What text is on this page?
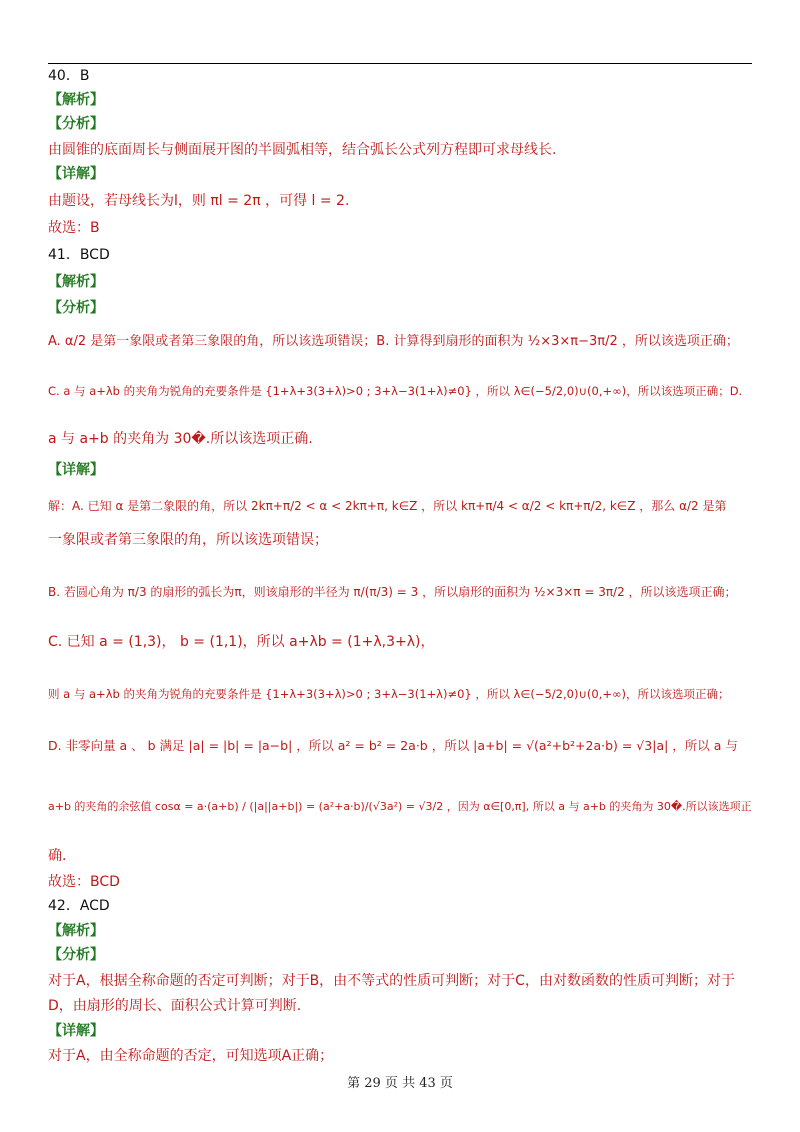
40．B
【解析】
【分析】
由圆锥的底面周长与侧面展开图的半圆弧相等，结合弧长公式列方程即可求母线长.
【详解】
由题设，若母线长为l，则 πl = 2π ，可得 l = 2.
故选：B
41．BCD
【解析】
【分析】
A. α/2 是第一象限或者第三象限的角，所以该选项错误；B. 计算得到扇形的面积为 ½×3×π−3π/2 ，所以该选项正确；
C. a 与 a+λb 的夹角为锐角的充要条件是 {1+λ+3(3+λ)>0 ; 3+λ−3(1+λ)≠0} ，所以 λ∈(−5/2,0)∪(0,+∞)，所以该选项正确；D.
a 与 a+b 的夹角为 30�.所以该选项正确.
【详解】
解：A. 已知 α 是第二象限的角，所以 2kπ+π/2 < α < 2kπ+π, k∈Z ，所以 kπ+π/4 < α/2 < kπ+π/2, k∈Z ，那么 α/2 是第
一象限或者第三象限的角，所以该选项错误；
B. 若圆心角为 π/3 的扇形的弧长为π，则该扇形的半径为 π/(π/3) = 3 ，所以扇形的面积为 ½×3×π = 3π/2 ，所以该选项正确；
C. 已知 a = (1,3)， b = (1,1)，所以 a+λb = (1+λ,3+λ)，
则 a 与 a+λb 的夹角为锐角的充要条件是 {1+λ+3(3+λ)>0 ; 3+λ−3(1+λ)≠0} ，所以 λ∈(−5/2,0)∪(0,+∞)，所以该选项正确；
D. 非零向量 a 、 b 满足 |a| = |b| = |a−b| ，所以 a² = b² = 2a·b ，所以 |a+b| = √(a²+b²+2a·b) = √3|a| ，所以 a 与
a+b 的夹角的余弦值 cosα = a·(a+b) / (|a||a+b|) = (a²+a·b)/(√3a²) = √3/2 ，因为 α∈[0,π], 所以 a 与 a+b 的夹角为 30�.所以该选项正
确.
故选：BCD
42．ACD
【解析】
【分析】
对于A，根据全称命题的否定可判断；对于B，由不等式的性质可判断；对于C，由对数函数的性质可判断；对于
D，由扇形的周长、面积公式计算可判断.
【详解】
对于A，由全称命题的否定，可知选项A正确；
第 29 页 共 43 页
